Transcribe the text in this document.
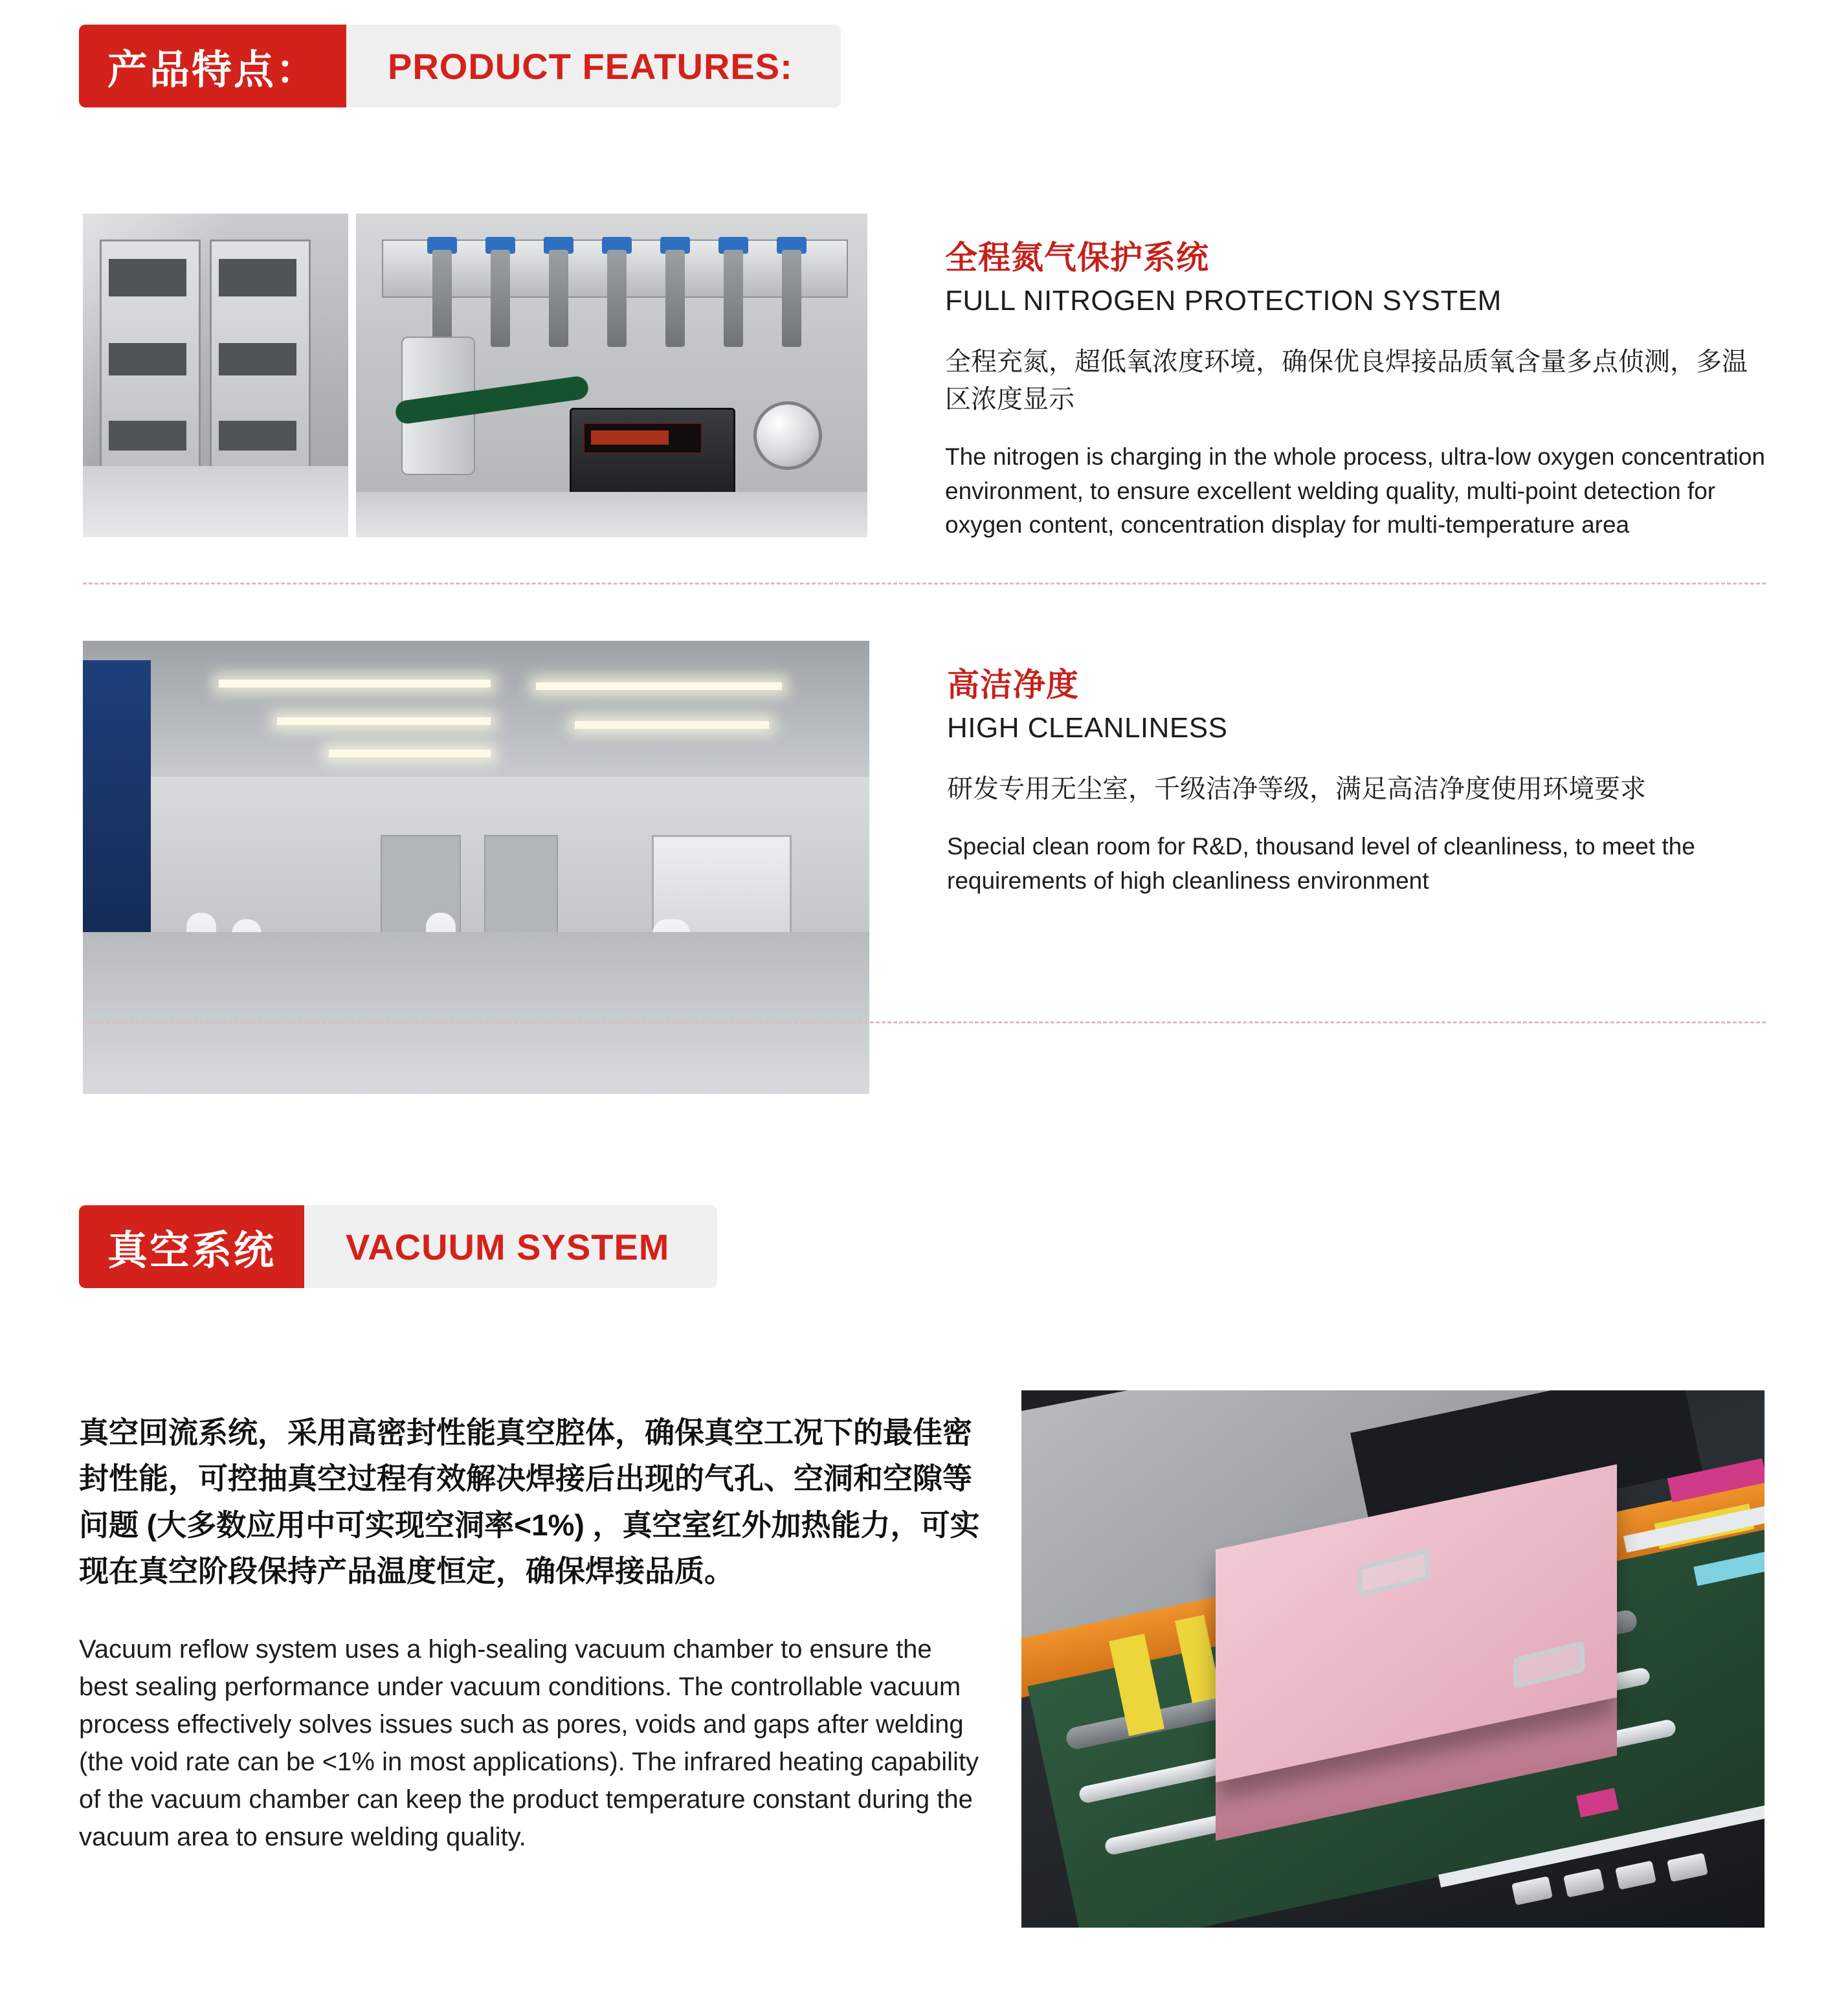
产品特点：	PRODUCT FEATURES:

全程氮气保护系统

FULL NITROGEN PROTECTION SYSTEM

全程充氮，超低氧浓度环境，确保优良焊接品质氧含量多点侦测，多温区浓度显示

The nitrogen is charging in the whole process, ultra-low oxygen concentration environment, to ensure excellent welding quality, multi-point detection for oxygen content, concentration display for multi-temperature area

高洁净度

HIGH CLEANLINESS

研发专用无尘室，千级洁净等级，满足高洁净度使用环境要求

Special clean room for R&D, thousand level of cleanliness, to meet the requirements of high cleanliness environment

真空系统	VACUUM SYSTEM

真空回流系统，采用高密封性能真空腔体，确保真空工况下的最佳密封性能，可控抽真空过程有效解决焊接后出现的气孔、空洞和空隙等问题 (大多数应用中可实现空洞率<1%) ，真空室红外加热能力，可实现在真空阶段保持产品温度恒定，确保焊接品质。

Vacuum reflow system uses a high-sealing vacuum chamber to ensure the best sealing performance under vacuum conditions. The controllable vacuum process effectively solves issues such as pores, voids and gaps after welding (the void rate can be <1% in most applications). The infrared heating capability of the vacuum chamber can keep the product temperature constant during the vacuum area to ensure welding quality.
